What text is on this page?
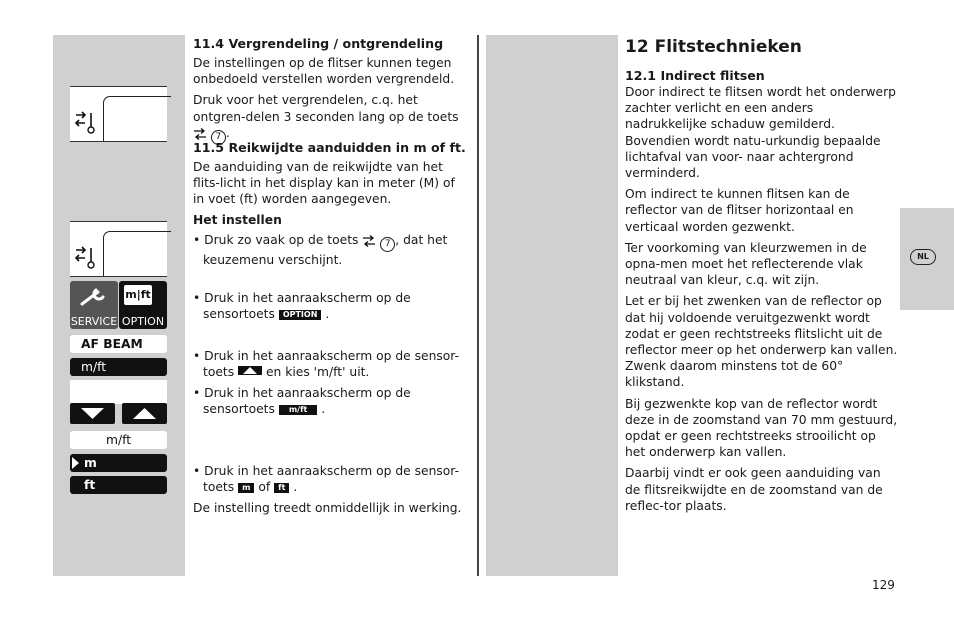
NL
SERVICE
m|ft
OPTION
AF BEAM
m/ft
m/ft
m
ft
11.4 Vergrendeling / ontgrendeling

De instellingen op de flitser kunnen tegen onbedoeld verstellen worden vergrendeld.

Druk voor het vergrendelen, c.q. het ontgren-delen 3 seconden lang op de toets  7 .

11.5 Reikwijdte aanduidden in m of ft.

De aanduiding van de reikwijdte van het flits-licht in het display kan in meter (M) of in voet (ft) worden aangegeven.

Het instellen
• Druk zo vaak op de toets	7 , dat het keuzemenu verschijnt.
• Druk in het aanraakscherm op de sensortoets OPTION .
• Druk in het aanraakscherm op de sensor-toets	en kies 'm/ft' uit.
• Druk in het aanraakscherm op de sensortoets m/ft .
• Druk in het aanraakscherm op de sensor-toets m of ft .
De instelling treedt onmiddellijk in werking.
12 Flitstechnieken
12.1 Indirect flitsen

Door indirect te flitsen wordt het onderwerp zachter verlicht en een anders nadrukkelijke schaduw gemilderd. Bovendien wordt natu-urkundig bepaalde lichtafval van voor- naar achtergrond verminderd.

Om indirect te kunnen flitsen kan de reflector van de flitser horizontaal en verticaal worden gezwenkt.

Ter voorkoming van kleurzwemen in de opna-men moet het reflecterende vlak neutraal van kleur, c.q. wit zijn.

Let er bij het zwenken van de reflector op dat hij voldoende veruitgezwenkt wordt zodat er geen rechtstreeks flitslicht uit de reflector meer op het onderwerp kan vallen. Zwenk daarom minstens tot de 60° klikstand.

Bij gezwenkte kop van de reflector wordt deze in de zoomstand van 70 mm gestuurd, opdat er geen rechtstreeks strooilicht op het onderwerp kan vallen.

Daarbij vindt er ook geen aanduiding van de flitsreikwijdte en de zoomstand van de reflec-tor plaats.

129
